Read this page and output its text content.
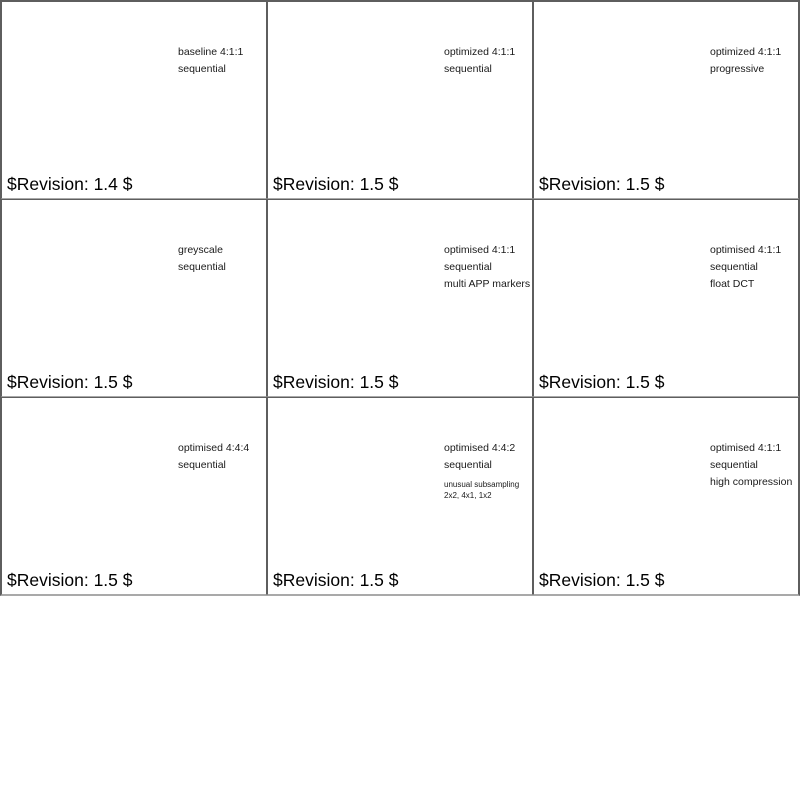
baseline 4:1:1
sequential
$Revision: 1.4 $
optimized 4:1:1
sequential
$Revision: 1.5 $
optimized 4:1:1
progressive
$Revision: 1.5 $
greyscale
sequential
$Revision: 1.5 $
optimised 4:1:1
sequential
multi APP markers
$Revision: 1.5 $
optimised 4:1:1
sequential
float DCT
$Revision: 1.5 $
optimised 4:4:4
sequential
$Revision: 1.5 $
optimised 4:4:2
sequential
unusual subsampling
2x2, 4x1, 1x2
$Revision: 1.5 $
optimised 4:1:1
sequential
high compression
$Revision: 1.5 $
